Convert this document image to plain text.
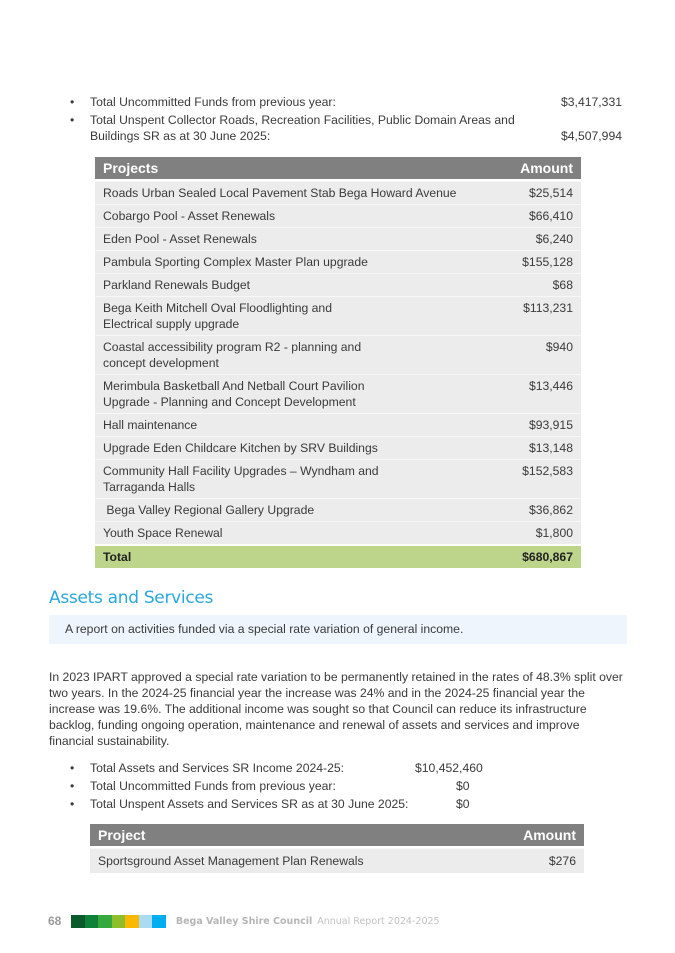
• Total Uncommitted Funds from previous year:	$3,417,331
• Total Unspent Collector Roads, Recreation Facilities, Public Domain Areas and Buildings SR as at 30 June 2025:	$4,507,994
Projects	Amount

Roads Urban Sealed Local Pavement Stab Bega Howard Avenue	$25,514
Cobargo Pool - Asset Renewals	$66,410
Eden Pool - Asset Renewals	$6,240
Pambula Sporting Complex Master Plan upgrade	$155,128
Parkland Renewals Budget	$68
Bega Keith Mitchell Oval Floodlighting and Electrical supply upgrade	$113,231
Coastal accessibility program R2 - planning and concept development	$940
Merimbula Basketball And Netball Court Pavilion Upgrade - Planning and Concept Development	$13,446
Hall maintenance	$93,915
Upgrade Eden Childcare Kitchen by SRV Buildings	$13,148
Community Hall Facility Upgrades – Wyndham and Tarraganda Halls	$152,583
Bega Valley Regional Gallery Upgrade	$36,862
Youth Space Renewal	$1,800
Total	$680,867
Assets and Services
A report on activities funded via a special rate variation of general income.

In 2023 IPART approved a special rate variation to be permanently retained in the rates of 48.3% split over two years. In the 2024-25 financial year the increase was 24% and in the 2024-25 financial year the increase was 19.6%. The additional income was sought so that Council can reduce its infrastructure backlog, funding ongoing operation, maintenance and renewal of assets and services and improve financial sustainability.

• Total Assets and Services SR Income 2024-25:	$10,452,460
• Total Uncommitted Funds from previous year:	$0
• Total Unspent Assets and Services SR as at 30 June 2025:	$0
Project	Amount

Sportsground Asset Management Plan Renewals	$276
68	Bega Valley Shire Council Annual Report 2024-2025
